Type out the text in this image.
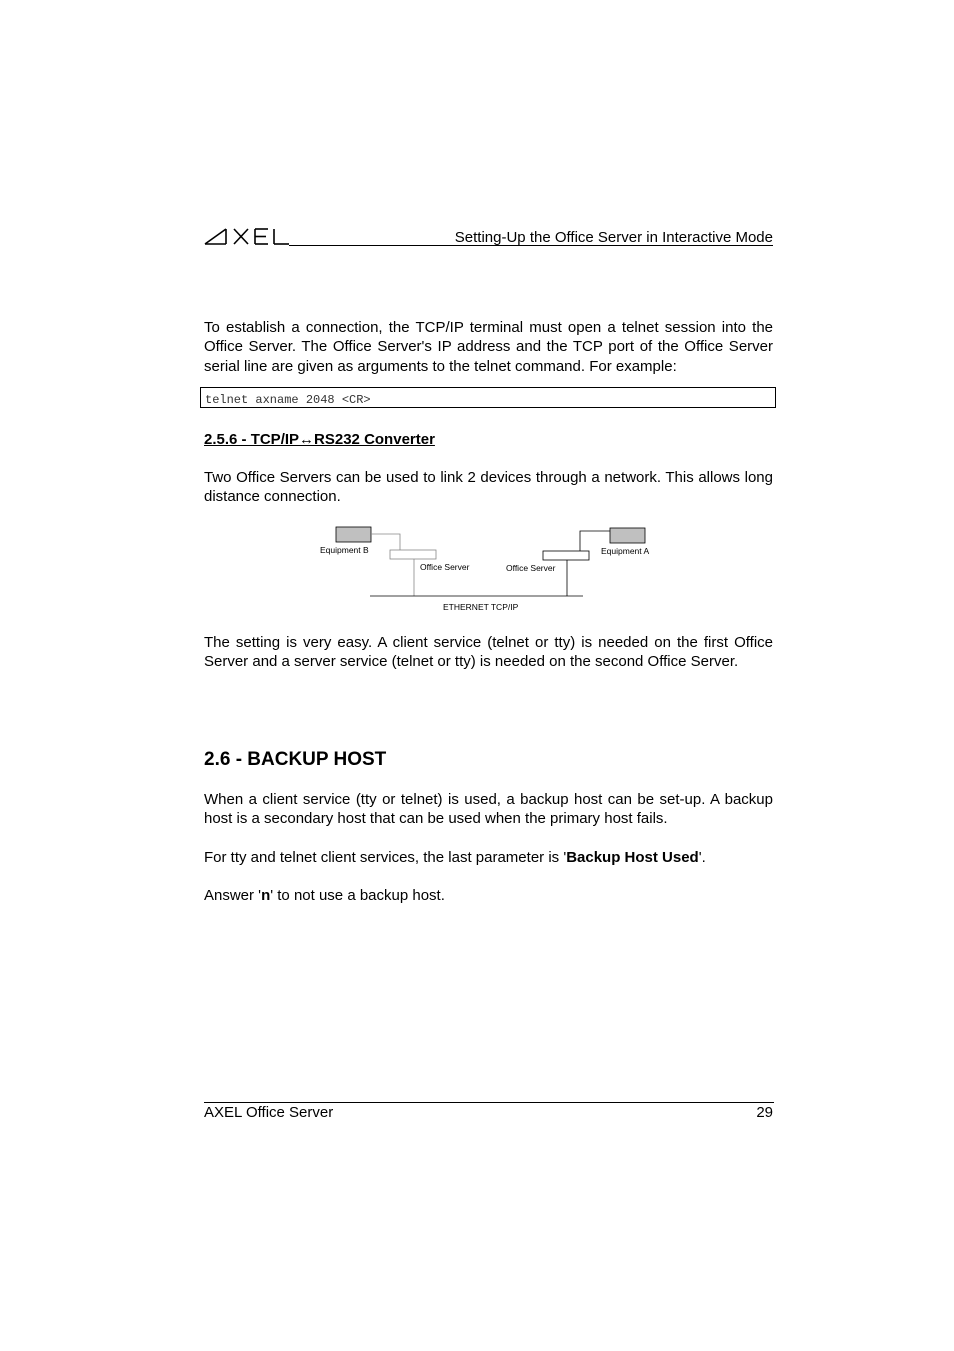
Setting-Up the Office Server in Interactive Mode
To establish a connection, the TCP/IP terminal must open a telnet session into the Office Server. The Office Server's IP address and the TCP port of the Office Server serial line are given as arguments to the telnet command. For example:
telnet axname 2048 <CR>
2.5.6 - TCP/IP↔RS232 Converter
Two Office Servers can be used to link 2 devices through a network. This allows long distance connection.
Equipment B	Equipment A
Office Server	Office Server
ETHERNET TCP/IP
The setting is very easy. A client service (telnet or tty) is needed on the first Office Server and a server service (telnet or tty) is needed on the second Office Server.
2.6 - BACKUP HOST
When a client service (tty or telnet) is used, a backup host can be set-up. A backup host is a secondary host that can be used when the primary host fails.
For tty and telnet client services, the last parameter is 'Backup Host Used'.
Answer 'n' to not use a backup host.
AXEL Office Server	29
